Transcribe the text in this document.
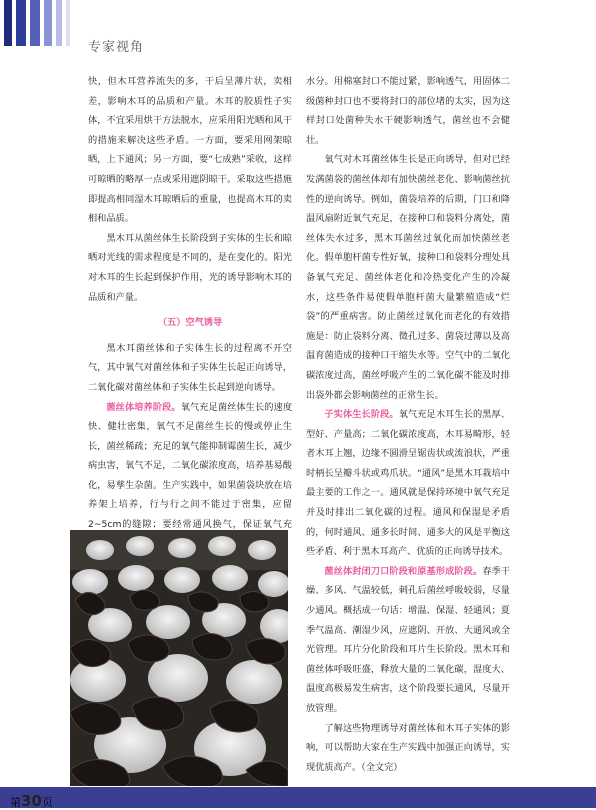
专家视角

快，但木耳营养流失的多，干后呈薄片状，卖相差，影响木耳的品质和产量。木耳的胶质性子实体，不宜采用烘干方法脱水，应采用阳光晒和风干的措施来解决这些矛盾。一方面，要采用网架晾晒，上下通风；另一方面，要“七成熟”采收，这样可晾晒的略厚一点或采用遮阴晾干。采取这些措施即提高相同湿木耳晾晒后的重量，也提高木耳的卖相和品质。

黑木耳从菌丝体生长阶段到子实体的生长和晾晒对光线的需求程度是不同的，是在变化的。阳光对木耳的生长起到保护作用，光的诱导影响木耳的品质和产量。

（五）空气诱导

黑木耳菌丝体和子实体生长的过程离不开空气，其中氧气对菌丝体和子实体生长起正向诱导，二氧化碳对菌丝体和子实体生长起到逆向诱导。

菌丝体培养阶段。氧气充足菌丝体生长的速度快、健壮密集，氧气不足菌丝生长的慢或停止生长，菌丝稀疏；充足的氧气能抑制霉菌生长，减少病虫害，氧气不足，二氧化碳浓度高，培养基易酸化，易孳生杂菌。生产实践中，如果菌袋块放在培养架上培养，行与行之间不能过于密集，应留2~5cm的缝隙；要经常通风换气，保证氧气充

水分。用棉塞封口不能过紧，影响透气，用固体二级菌种封口也不要将封口的部位堵的太实，因为这样封口处菌种失水干硬影响透气，菌丝也不会健壮。

氧气对木耳菌丝体生长是正向诱导，但对已经发满菌袋的菌丝体却有加快菌丝老化、影响菌丝抗性的逆向诱导。例如，菌袋培养的后期，门口和降温风扇附近氧气充足，在接种口和袋料分离处，菌丝体失水过多，黑木耳菌丝过氧化而加快菌丝老化。假单胞杆菌专性好氧，接种口和袋料分理处具备氧气充足、菌丝体老化和冷热变化产生的冷凝水，这些条件易使假单胞杆菌大量繁殖造成“烂袋”的严重病害。防止菌丝过氧化而老化的有效措施是：防止袋料分离、徵孔过多、菌袋过薄以及高温育菌造成的接种口干缩失水等。空气中的二氧化碳浓度过高，菌丝呼吸产生的二氧化碳不能及时排出袋外都会影响菌丝的正常生长。

子实体生长阶段。氧气充足木耳生长的黑厚、型好、产量高；二氧化碳浓度高，木耳易畸形，轻者木耳上翘，边缘不圆滑呈锯齿状或流浪状，严重时柄长呈瓣斗状或鸡爪状。“通风”是黑木耳栽培中最主要的工作之一。通风就是保持环境中氧气充足并及时排出二氧化碳的过程。通风和保湿是矛盾的，何时通风、通多长时间、通多大的风是平衡这些矛盾、利于黑木耳高产、优质的正向诱导技术。

菌丝体封闭刀口阶段和原基形成阶段。春季干燥、多风、气温较低，刺孔后菌丝呼吸较弱，尽量少通风。概括成一句话：增温、保湿、轻通风；夏季气温高、潮湿少风，应遮阴、开放、大通风或全光管理。耳片分化阶段和耳片生长阶段。黑木耳和菌丝体呼吸旺盛，释放大量的二氧化碳，湿度大、温度高极易发生病害，这个阶段要长通风，尽量开放管理。

了解这些物理诱导对菌丝体和木耳子实体的影响，可以帮助大家在生产实践中加强正向诱导，实现优质高产。（全文完）

第30页
